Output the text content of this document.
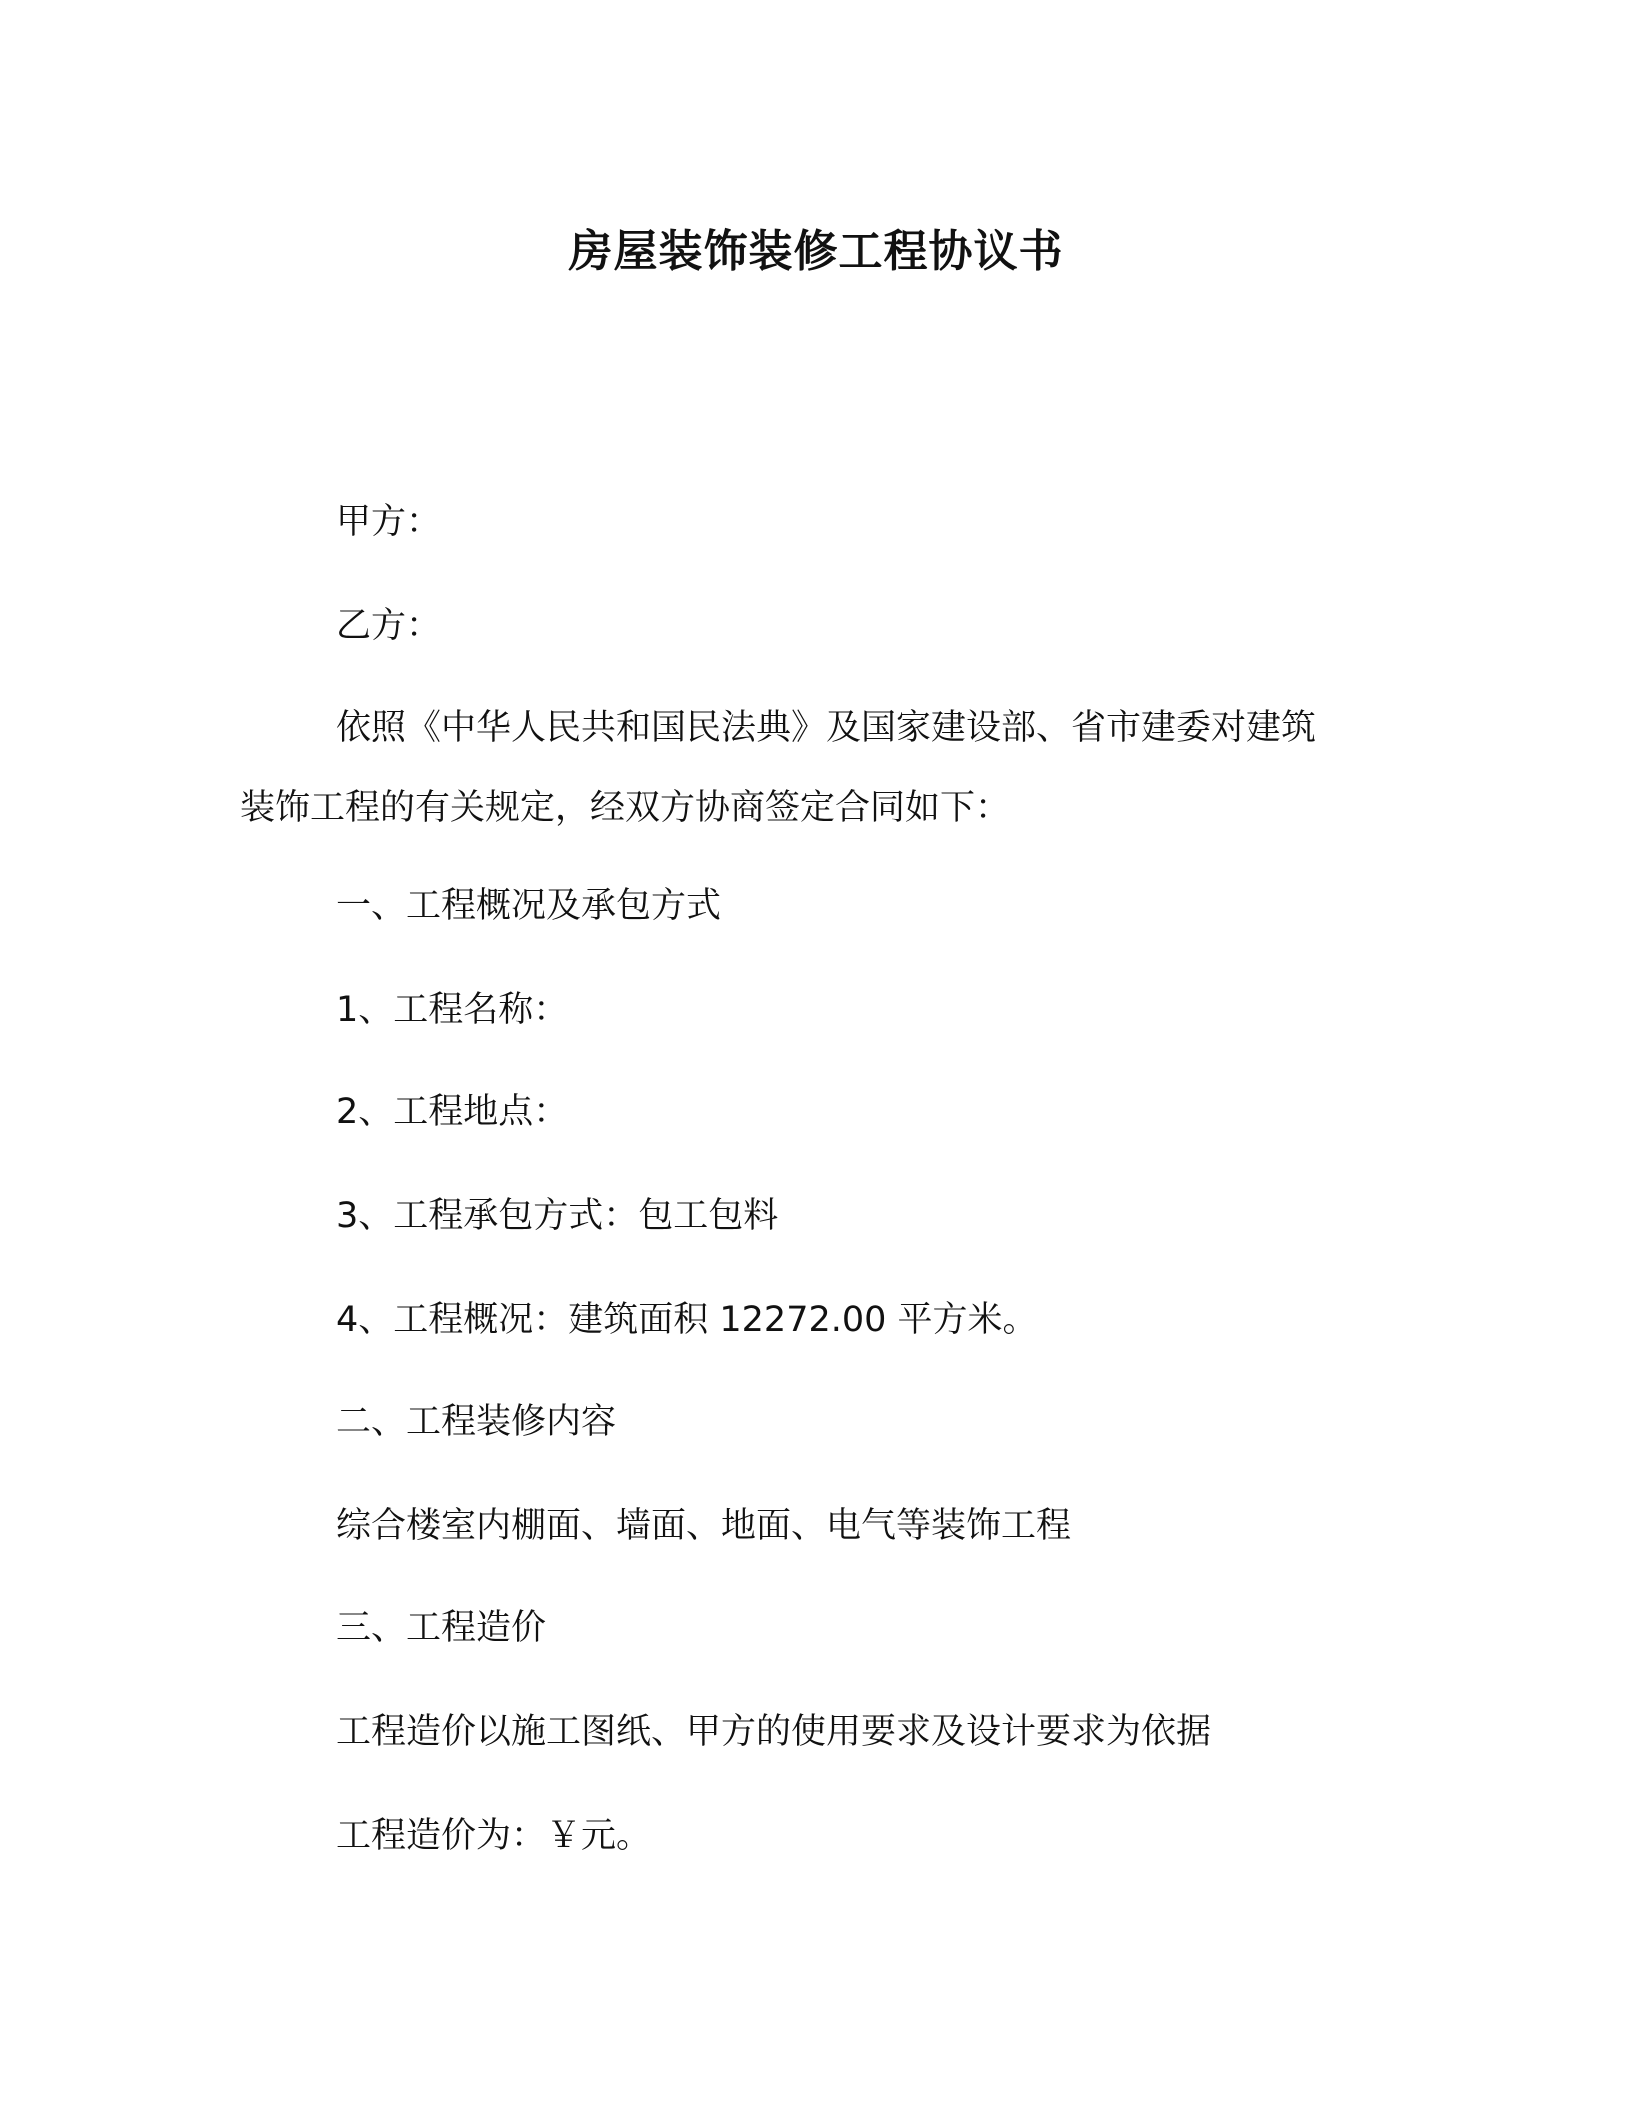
房屋装饰装修工程协议书
甲方：
乙方：
依照《中华人民共和国民法典》及国家建设部、省市建委对建筑
装饰工程的有关规定，经双方协商签定合同如下：
一、工程概况及承包方式
1、工程名称：
2、工程地点：
3、工程承包方式：包工包料
4、工程概况：建筑面积 12272.00 平方米。
二、工程装修内容
综合楼室内棚面、墙面、地面、电气等装饰工程
三、工程造价
工程造价以施工图纸、甲方的使用要求及设计要求为依据
工程造价为：￥元。
